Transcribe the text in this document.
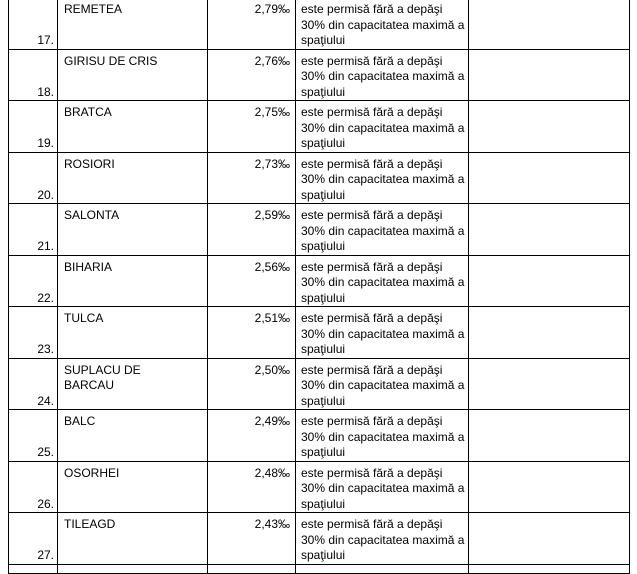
17.	REMETEA	2,79‰	este permisă fără a depăşi 30% din capacitatea maximă a spaţiului	

18.	GIRISU DE CRIS	2,76‰	este permisă fără a depăşi 30% din capacitatea maximă a spaţiului	

19.	BRATCA	2,75‰	este permisă fără a depăşi 30% din capacitatea maximă a spaţiului	

20.	ROSIORI	2,73‰	este permisă fără a depăşi 30% din capacitatea maximă a spaţiului	

21.	SALONTA	2,59‰	este permisă fără a depăşi 30% din capacitatea maximă a spaţiului	

22.	BIHARIA	2,56‰	este permisă fără a depăşi 30% din capacitatea maximă a spaţiului	

23.	TULCA	2,51‰	este permisă fără a depăşi 30% din capacitatea maximă a spaţiului	

24.	SUPLACU DE BARCAU	2,50‰	este permisă fără a depăşi 30% din capacitatea maximă a spaţiului	

25.	BALC	2,49‰	este permisă fără a depăşi 30% din capacitatea maximă a spaţiului	

26.	OSORHEI	2,48‰	este permisă fără a depăşi 30% din capacitatea maximă a spaţiului	

27.	TILEAGD	2,43‰	este permisă fără a depăşi 30% din capacitatea maximă a spaţiului	
